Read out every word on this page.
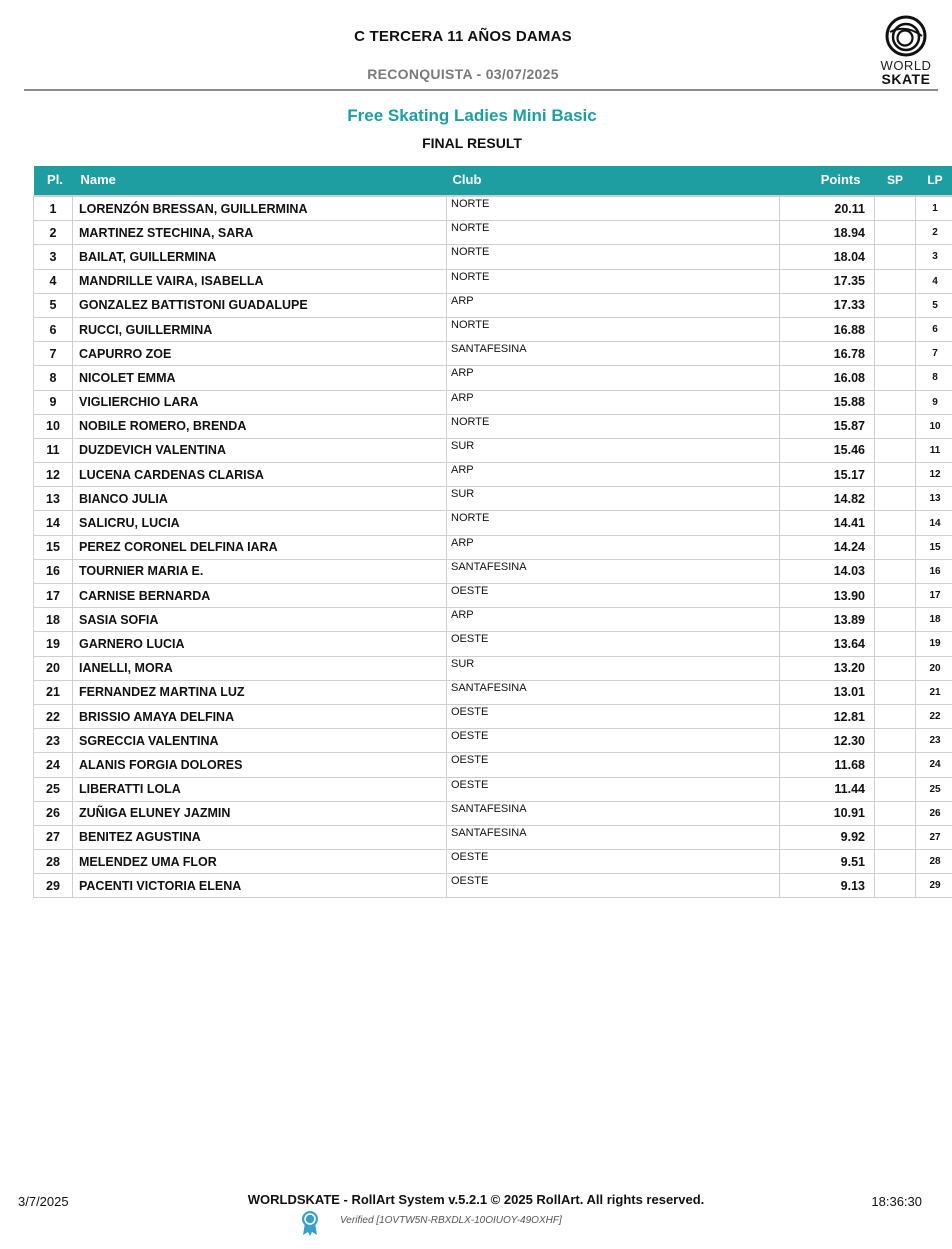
C TERCERA 11 AÑOS DAMAS
RECONQUISTA - 03/07/2025
WORLD
SKATE
Free Skating Ladies Mini Basic
FINAL RESULT
Pl.	Name	Club	Points	SP	LP
1	LORENZÓN BRESSAN, GUILLERMINA	NORTE	20.11		1
2	MARTINEZ STECHINA, SARA	NORTE	18.94		2
3	BAILAT, GUILLERMINA	NORTE	18.04		3
4	MANDRILLE VAIRA, ISABELLA	NORTE	17.35		4
5	GONZALEZ BATTISTONI GUADALUPE	ARP	17.33		5
6	RUCCI, GUILLERMINA	NORTE	16.88		6
7	CAPURRO ZOE	SANTAFESINA	16.78		7
8	NICOLET EMMA	ARP	16.08		8
9	VIGLIERCHIO LARA	ARP	15.88		9
10	NOBILE ROMERO, BRENDA	NORTE	15.87		10
11	DUZDEVICH VALENTINA	SUR	15.46		11
12	LUCENA CARDENAS CLARISA	ARP	15.17		12
13	BIANCO JULIA	SUR	14.82		13
14	SALICRU, LUCIA	NORTE	14.41		14
15	PEREZ CORONEL DELFINA IARA	ARP	14.24		15
16	TOURNIER MARIA E.	SANTAFESINA	14.03		16
17	CARNISE BERNARDA	OESTE	13.90		17
18	SASIA SOFIA	ARP	13.89		18
19	GARNERO LUCIA	OESTE	13.64		19
20	IANELLI, MORA	SUR	13.20		20
21	FERNANDEZ MARTINA LUZ	SANTAFESINA	13.01		21
22	BRISSIO AMAYA DELFINA	OESTE	12.81		22
23	SGRECCIA VALENTINA	OESTE	12.30		23
24	ALANIS FORGIA DOLORES	OESTE	11.68		24
25	LIBERATTI LOLA	OESTE	11.44		25
26	ZUÑIGA ELUNEY JAZMIN	SANTAFESINA	10.91		26
27	BENITEZ AGUSTINA	SANTAFESINA	9.92		27
28	MELENDEZ UMA FLOR	OESTE	9.51		28
29	PACENTI VICTORIA ELENA	OESTE	9.13		29
3/7/2025	WORLDSKATE - RollArt System v.5.2.1 © 2025 RollArt. All rights reserved.	18:36:30
Verified [1OVTW5N-RBXDLX-10OIUOY-49OXHF]
